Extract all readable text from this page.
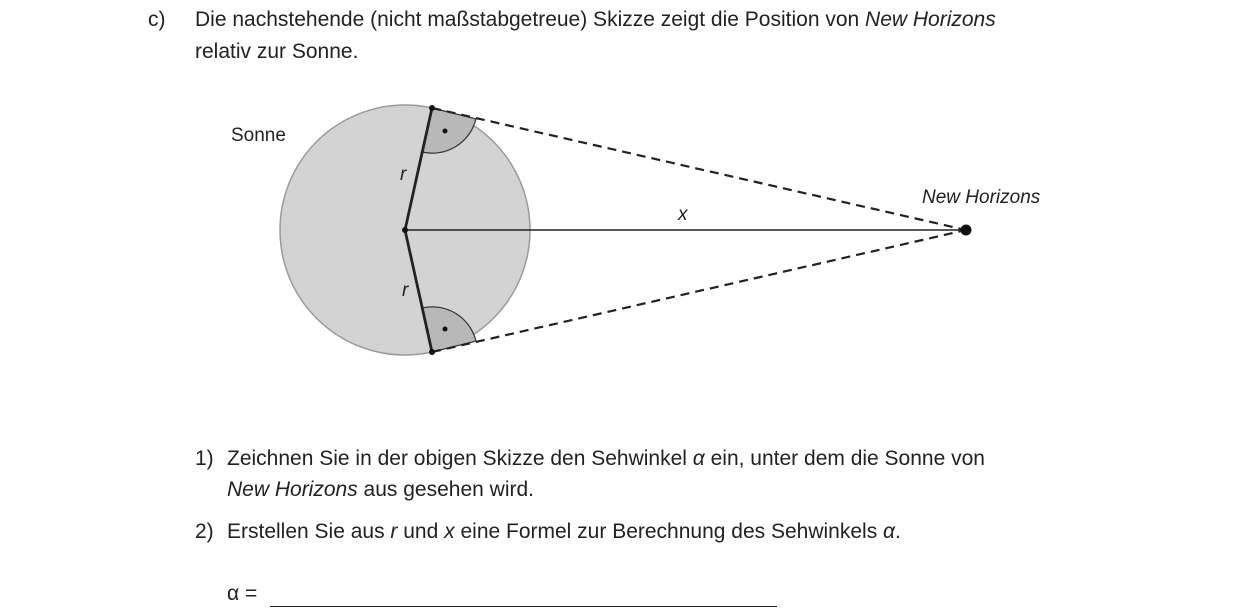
c) Die nachstehende (nicht maßstabgetreue) Skizze zeigt die Position von New Horizons
relativ zur Sonne.
Sonne
New Horizons
r
r
x
1) Zeichnen Sie in der obigen Skizze den Sehwinkel α ein, unter dem die Sonne von
New Horizons aus gesehen wird.
2) Erstellen Sie aus r und x eine Formel zur Berechnung des Sehwinkels α.
α =
